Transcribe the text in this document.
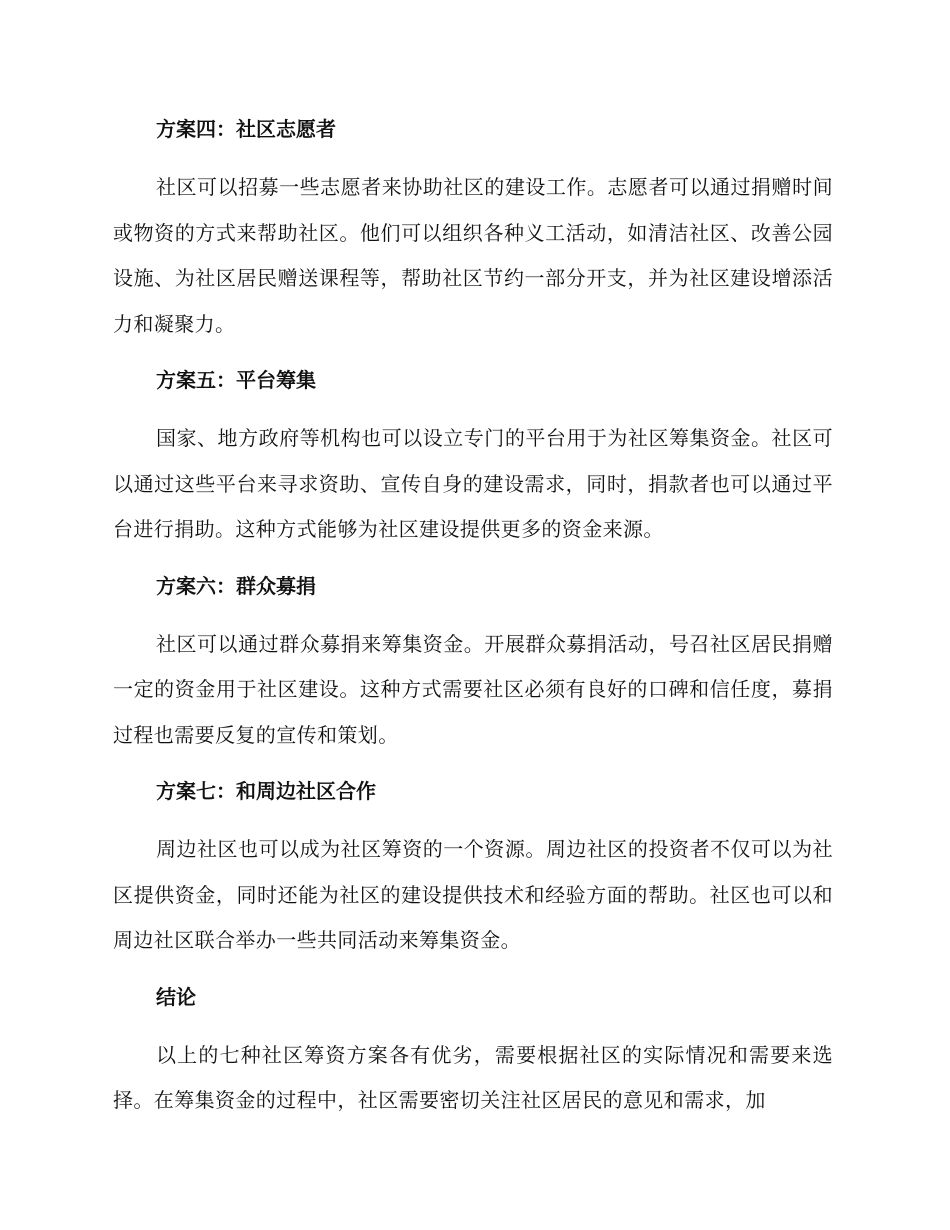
方案四：社区志愿者

社区可以招募一些志愿者来协助社区的建设工作。志愿者可以通过捐赠时间或物资的方式来帮助社区。他们可以组织各种义工活动，如清洁社区、改善公园设施、为社区居民赠送课程等，帮助社区节约一部分开支，并为社区建设增添活力和凝聚力。

方案五：平台筹集

国家、地方政府等机构也可以设立专门的平台用于为社区筹集资金。社区可以通过这些平台来寻求资助、宣传自身的建设需求，同时，捐款者也可以通过平台进行捐助。这种方式能够为社区建设提供更多的资金来源。

方案六：群众募捐

社区可以通过群众募捐来筹集资金。开展群众募捐活动，号召社区居民捐赠一定的资金用于社区建设。这种方式需要社区必须有良好的口碑和信任度，募捐过程也需要反复的宣传和策划。

方案七：和周边社区合作

周边社区也可以成为社区筹资的一个资源。周边社区的投资者不仅可以为社区提供资金，同时还能为社区的建设提供技术和经验方面的帮助。社区也可以和周边社区联合举办一些共同活动来筹集资金。

结论

以上的七种社区筹资方案各有优劣，需要根据社区的实际情况和需要来选择。在筹集资金的过程中，社区需要密切关注社区居民的意见和需求，加
